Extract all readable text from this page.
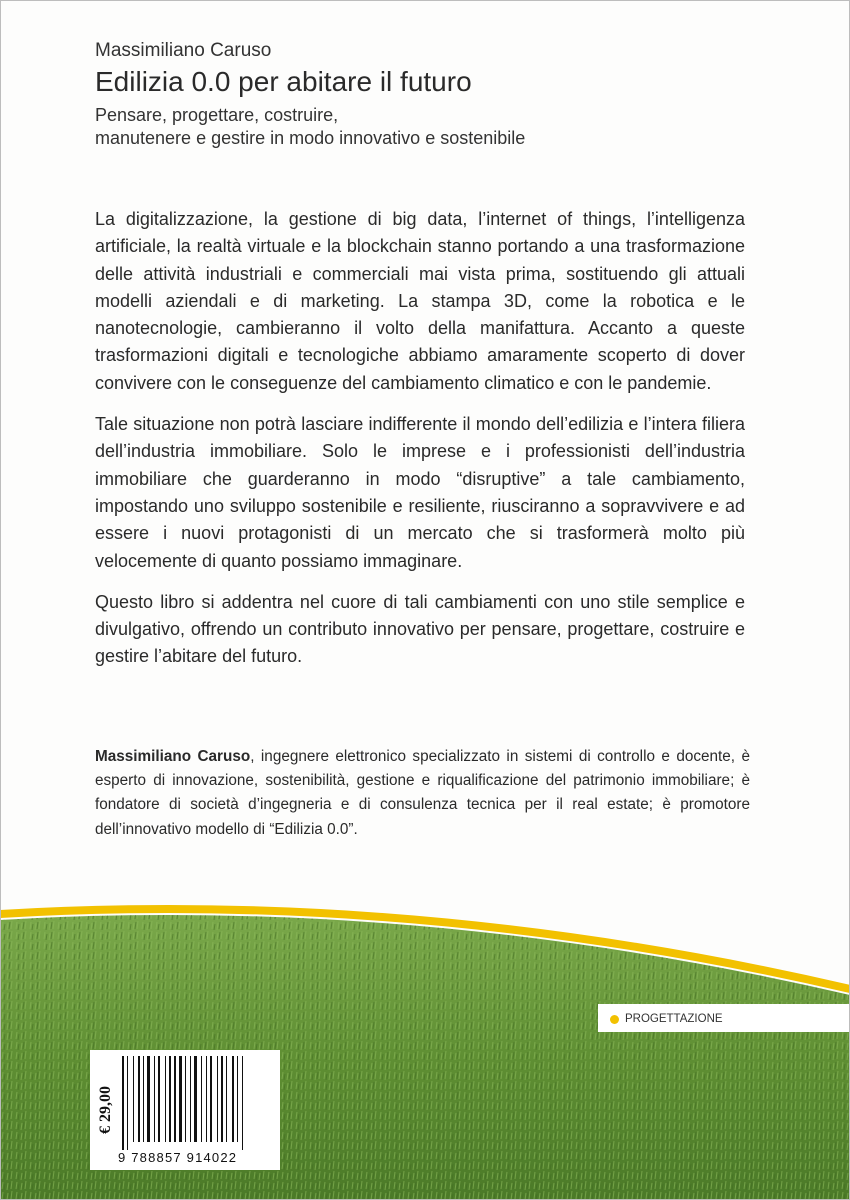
Massimiliano Caruso
Edilizia 0.0 per abitare il futuro
Pensare, progettare, costruire,
manutenere e gestire in modo innovativo e sostenibile

La digitalizzazione, la gestione di big data, l’internet of things, l’intelligenza artificiale, la realtà virtuale e la blockchain stanno portando a una trasformazione delle attività industriali e commerciali mai vista prima, sostituendo gli attuali modelli aziendali e di marketing. La stampa 3D, come la robotica e le nanotecnologie, cambieranno il volto della manifattura. Accanto a queste trasformazioni digitali e tecnologiche abbiamo amaramente scoperto di dover convivere con le conseguenze del cambiamento climatico e con le pandemie.

Tale situazione non potrà lasciare indifferente il mondo dell’edilizia e l’intera filiera dell’industria immobiliare. Solo le imprese e i professionisti dell’industria immobiliare che guarderanno in modo “disruptive” a tale cambiamento, impostando uno sviluppo sostenibile e resiliente, riusciranno a sopravvivere e ad essere i nuovi protagonisti di un mercato che si trasformerà molto più velocemente di quanto possiamo immaginare.

Questo libro si addentra nel cuore di tali cambiamenti con uno stile semplice e divulgativo, offrendo un contributo innovativo per pensare, progettare, costruire e gestire l’abitare del futuro.

Massimiliano Caruso, ingegnere elettronico specializzato in sistemi di controllo e docente, è esperto di innovazione, sostenibilità, gestione e riqualificazione del patrimonio immobiliare; è fondatore di società d’ingegneria e di consulenza tecnica per il real estate; è promotore dell’innovativo modello di “Edilizia 0.0”.
PROGETTAZIONE
€ 29,00
9 788857 914022
